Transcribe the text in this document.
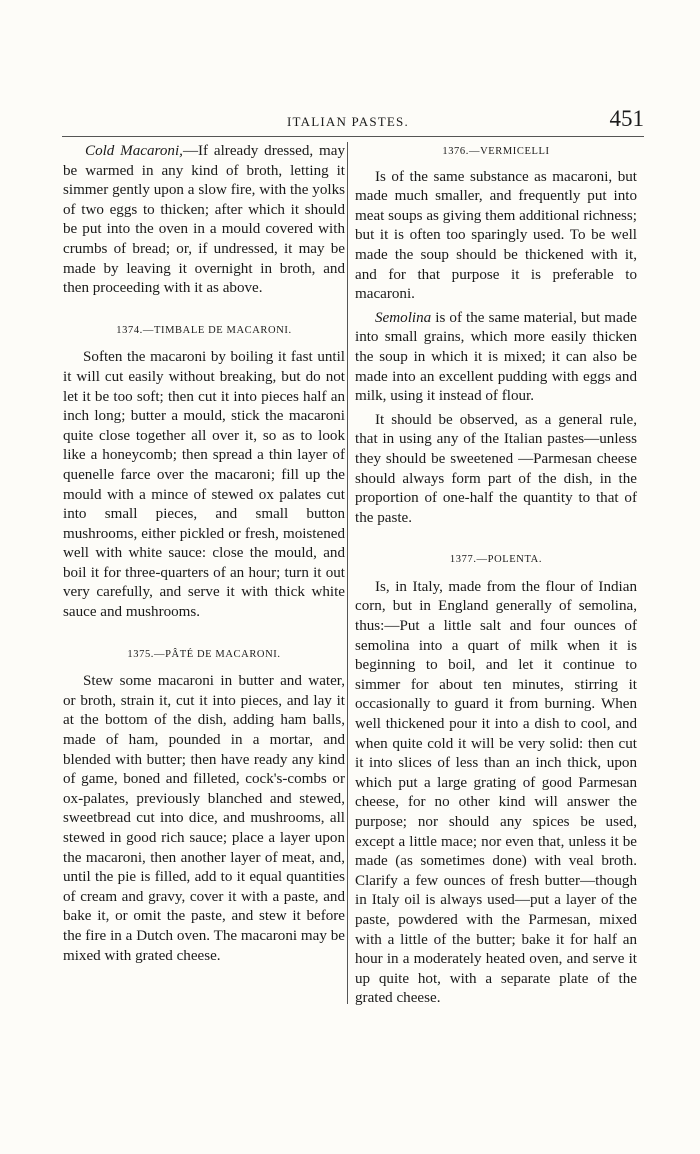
ITALIAN PASTES.	451

Cold Macaroni,—If already dressed, may be warmed in any kind of broth, letting it simmer gently upon a slow fire, with the yolks of two eggs to thicken; after which it should be put into the oven in a mould covered with crumbs of bread; or, if undressed, it may be made by leaving it overnight in broth, and then proceeding with it as above.

1374.—TIMBALE DE MACARONI.

Soften the macaroni by boiling it fast until it will cut easily without breaking, but do not let it be too soft; then cut it into pieces half an inch long; butter a mould, stick the macaroni quite close together all over it, so as to look like a honeycomb; then spread a thin layer of quenelle farce over the macaroni; fill up the mould with a mince of stewed ox palates cut into small pieces, and small button mushrooms, either pickled or fresh, moistened well with white sauce: close the mould, and boil it for three-quarters of an hour; turn it out very carefully, and serve it with thick white sauce and mushrooms.

1375.—PÂTÉ DE MACARONI.

Stew some macaroni in butter and water, or broth, strain it, cut it into pieces, and lay it at the bottom of the dish, adding ham balls, made of ham, pounded in a mortar, and blended with butter; then have ready any kind of game, boned and filleted, cock's-combs or ox-palates, previously blanched and stewed, sweetbread cut into dice, and mushrooms, all stewed in good rich sauce; place a layer upon the macaroni, then another layer of meat, and, until the pie is filled, add to it equal quantities of cream and gravy, cover it with a paste, and bake it, or omit the paste, and stew it before the fire in a Dutch oven. The macaroni may be mixed with grated cheese.

1376.—VERMICELLI

Is of the same substance as macaroni, but made much smaller, and frequently put into meat soups as giving them additional richness; but it is often too sparingly used. To be well made the soup should be thickened with it, and for that purpose it is preferable to macaroni.

Semolina is of the same material, but made into small grains, which more easily thicken the soup in which it is mixed; it can also be made into an excellent pudding with eggs and milk, using it instead of flour.

It should be observed, as a general rule, that in using any of the Italian pastes—unless they should be sweetened —Parmesan cheese should always form part of the dish, in the proportion of one-half the quantity to that of the paste.

1377.—POLENTA.

Is, in Italy, made from the flour of Indian corn, but in England generally of semolina, thus:—Put a little salt and four ounces of semolina into a quart of milk when it is beginning to boil, and let it continue to simmer for about ten minutes, stirring it occasionally to guard it from burning. When well thickened pour it into a dish to cool, and when quite cold it will be very solid: then cut it into slices of less than an inch thick, upon which put a large grating of good Parmesan cheese, for no other kind will answer the purpose; nor should any spices be used, except a little mace; nor even that, unless it be made (as sometimes done) with veal broth. Clarify a few ounces of fresh butter—though in Italy oil is always used—put a layer of the paste, powdered with the Parmesan, mixed with a little of the butter; bake it for half an hour in a moderately heated oven, and serve it up quite hot, with a separate plate of the grated cheese.
